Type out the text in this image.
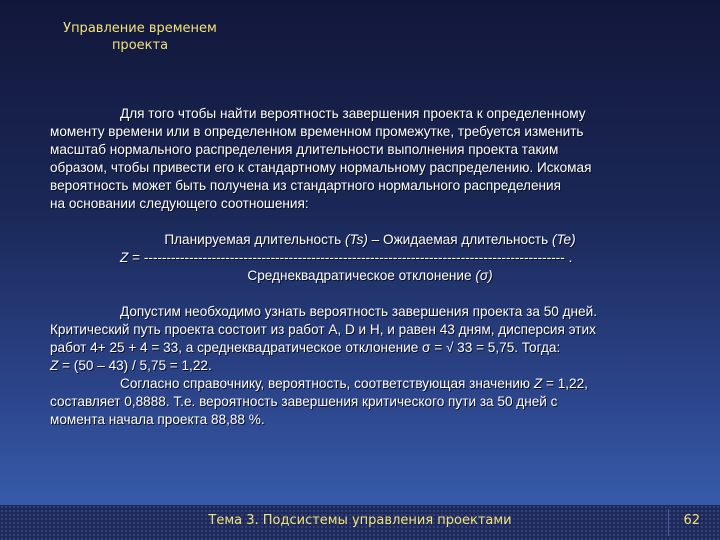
Управление временем
проекта

Для того чтобы найти вероятность завершения проекта к определенному

моменту времени или в определенном временном промежутке, требуется изменить

масштаб нормального распределения длительности выполнения проекта таким

образом, чтобы привести его к стандартному нормальному распределению. Искомая

вероятность может быть получена из стандартного нормального распределения

на основании следующего соотношения:

Планируемая длительность (Ts) – Ожидаемая длительность (Te)

Z = --------------------------------------------------------------------------------------------- .

Среднеквадратическое отклонение (σ)

Допустим необходимо узнать вероятность завершения проекта за 50 дней.

Критический путь проекта состоит из работ А, D и Н, и равен 43 дням, дисперсия этих

работ 4+ 25 + 4 = 33, а среднеквадратическое отклонение σ = √ 33 = 5,75. Тогда:

Z = (50 – 43) / 5,75 = 1,22.

Согласно справочнику, вероятность, соответствующая значению Z = 1,22,

составляет 0,8888. Т.е. вероятность завершения критического пути за 50 дней с

момента начала проекта 88,88 %.

Тема 3. Подсистемы управления проектами	62
